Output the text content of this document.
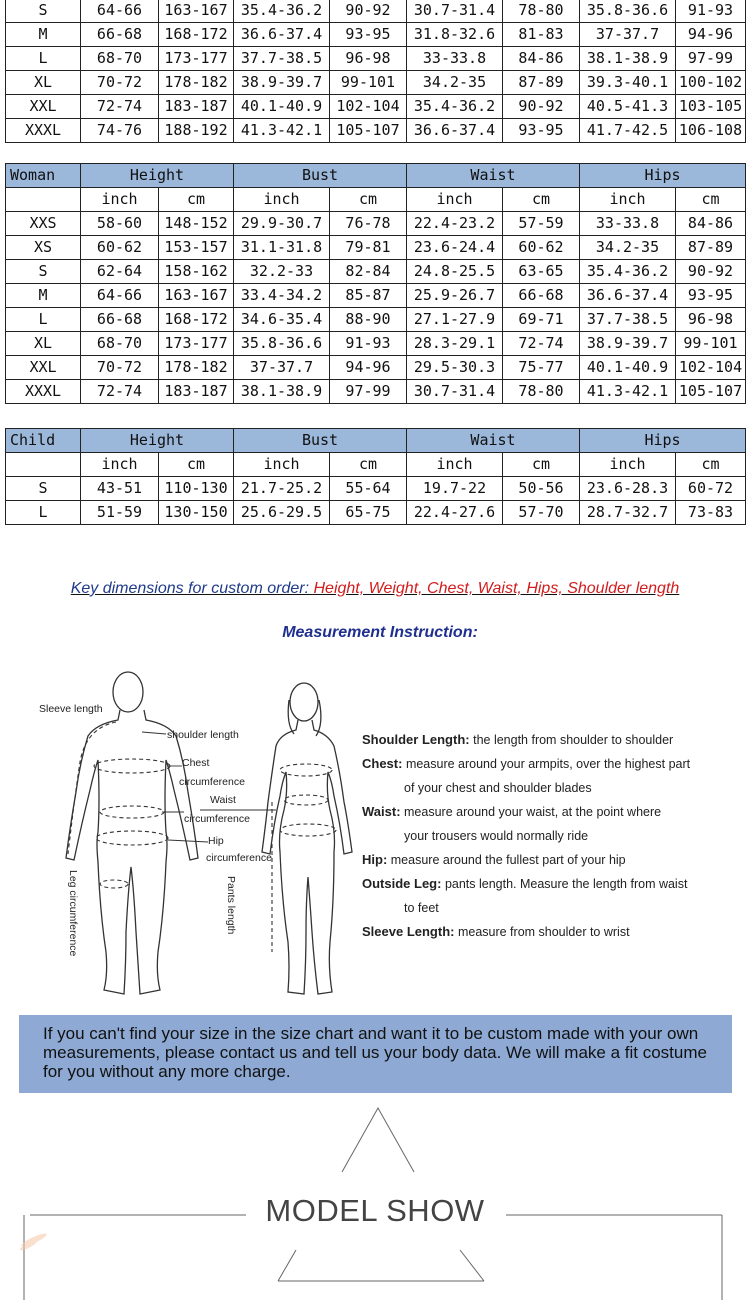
S	64-66	163-167	35.4-36.2	90-92	30.7-31.4	78-80	35.8-36.6	91-93
M	66-68	168-172	36.6-37.4	93-95	31.8-32.6	81-83	37-37.7	94-96
L	68-70	173-177	37.7-38.5	96-98	33-33.8	84-86	38.1-38.9	97-99
XL	70-72	178-182	38.9-39.7	99-101	34.2-35	87-89	39.3-40.1	100-102
XXL	72-74	183-187	40.1-40.9	102-104	35.4-36.2	90-92	40.5-41.3	103-105
XXXL	74-76	188-192	41.3-42.1	105-107	36.6-37.4	93-95	41.7-42.5	106-108
Woman	Height		Bust		Waist		Hips	
	inch	cm	inch	cm	inch	cm	inch	cm
XXS	58-60	148-152	29.9-30.7	76-78	22.4-23.2	57-59	33-33.8	84-86
XS	60-62	153-157	31.1-31.8	79-81	23.6-24.4	60-62	34.2-35	87-89
S	62-64	158-162	32.2-33	82-84	24.8-25.5	63-65	35.4-36.2	90-92
M	64-66	163-167	33.4-34.2	85-87	25.9-26.7	66-68	36.6-37.4	93-95
L	66-68	168-172	34.6-35.4	88-90	27.1-27.9	69-71	37.7-38.5	96-98
XL	68-70	173-177	35.8-36.6	91-93	28.3-29.1	72-74	38.9-39.7	99-101
XXL	70-72	178-182	37-37.7	94-96	29.5-30.3	75-77	40.1-40.9	102-104
XXXL	72-74	183-187	38.1-38.9	97-99	30.7-31.4	78-80	41.3-42.1	105-107
Child	Height		Bust		Waist		Hips	
	inch	cm	inch	cm	inch	cm	inch	cm
S	43-51	110-130	21.7-25.2	55-64	19.7-22	50-56	23.6-28.3	60-72
L	51-59	130-150	25.6-29.5	65-75	22.4-27.6	57-70	28.7-32.7	73-83
Key dimensions for custom order: Height, Weight, Chest, Waist, Hips, Shoulder length
Measurement Instruction:
Sleeve length
shoulder length
Chest
circumference
Waist
circumference
Hip
circumference
Leg circumference	Pants length
Shoulder Length: the length from shoulder to shoulder
Chest: measure around your armpits, over the highest part
of your chest and shoulder blades
Waist: measure around your waist, at the point where
your trousers would normally ride
Hip: measure around the fullest part of your hip
Outside Leg: pants length. Measure the length from waist
to feet
Sleeve Length: measure from shoulder to wrist
If you can't find your size in the size chart and want it to be custom made with your own measurements, please contact us and tell us your body data. We will make a fit costume for you without any more charge.
MODEL SHOW
